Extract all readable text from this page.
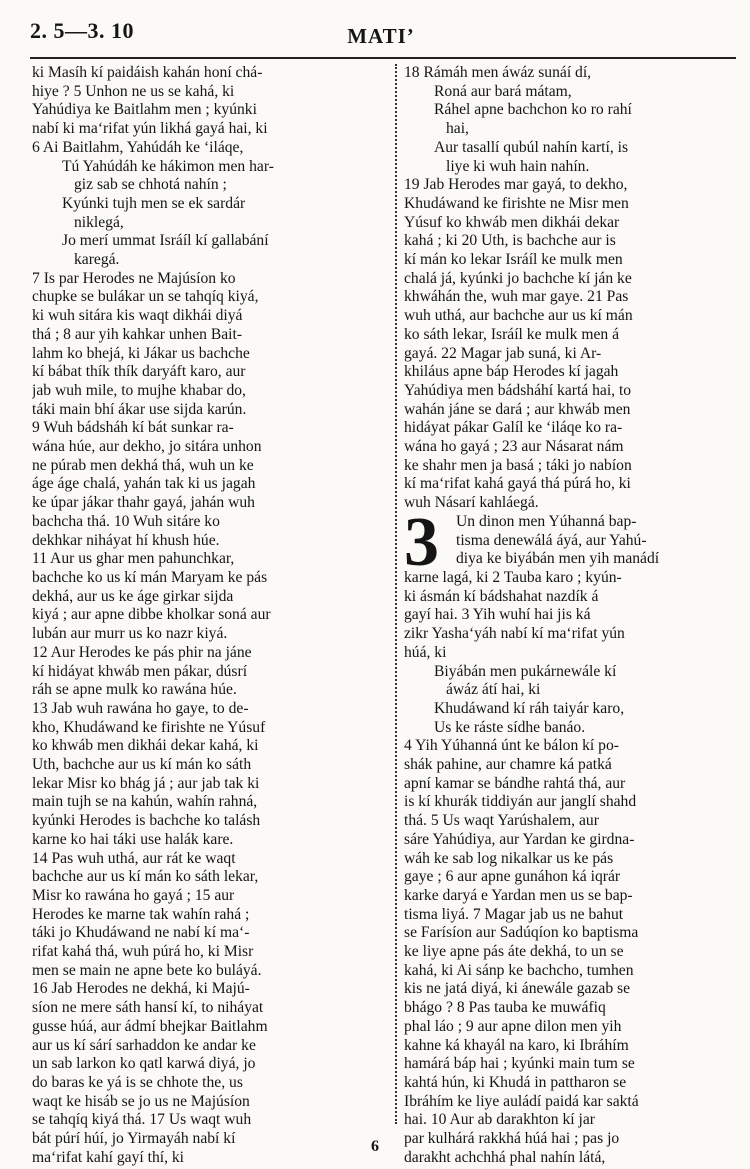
2. 5—3. 10	MATI’
ki Masíh kí paidáish kahán honí chá-
hiye ? 5 Unhon ne us se kahá, ki
Yahúdiya ke Baitlahm men ; kyúnki
nabí ki ma‘rifat yún likhá gayá hai, ki
6 Ai Baitlahm, Yahúdáh ke ‘iláqe,
Tú Yahúdáh ke hákimon men har-
giz sab se chhotá nahín ;
Kyúnki tujh men se ek sardár
niklegá,
Jo merí ummat Isráíl kí gallabání
karegá.
7 Is par Herodes ne Majúsíon ko
chupke se bulákar un se tahqíq kiyá,
ki wuh sitára kis waqt dikhái diyá
thá ; 8 aur yih kahkar unhen Bait-
lahm ko bhejá, ki Jákar us bachche
kí bábat thík thík daryáft karo, aur
jab wuh mile, to mujhe khabar do,
táki main bhí ákar use sijda karún.
9 Wuh bádsháh kí bát sunkar ra-
wána húe, aur dekho, jo sitára unhon
ne púrab men dekhá thá, wuh un ke
áge áge chalá, yahán tak ki us jagah
ke úpar jákar thahr gayá, jahán wuh
bachcha thá. 10 Wuh sitáre ko
dekhkar niháyat hí khush húe.
11 Aur us ghar men pahunchkar,
bachche ko us kí mán Maryam ke pás
dekhá, aur us ke áge girkar sijda
kiyá ; aur apne dibbe kholkar soná aur
lubán aur murr us ko nazr kiyá.
12 Aur Herodes ke pás phir na jáne
kí hidáyat khwáb men pákar, dúsrí
ráh se apne mulk ko rawána húe.
13 Jab wuh rawána ho gaye, to de-
kho, Khudáwand ke firishte ne Yúsuf
ko khwáb men dikhái dekar kahá, ki
Uth, bachche aur us kí mán ko sáth
lekar Misr ko bhág já ; aur jab tak ki
main tujh se na kahún, wahín rahná,
kyúnki Herodes is bachche ko talásh
karne ko hai táki use halák kare.
14 Pas wuh uthá, aur rát ke waqt
bachche aur us kí mán ko sáth lekar,
Misr ko rawána ho gayá ; 15 aur
Herodes ke marne tak wahín rahá ;
táki jo Khudáwand ne nabí kí ma‘-
rifat kahá thá, wuh púrá ho, ki Misr
men se main ne apne bete ko buláyá.
16 Jab Herodes ne dekhá, ki Majú-
síon ne mere sáth hansí kí, to niháyat
gusse húá, aur ádmí bhejkar Baitlahm
aur us kí sárí sarhaddon ke andar ke
un sab larkon ko qatl karwá diyá, jo
do baras ke yá is se chhote the, us
waqt ke hisáb se jo us ne Majúsíon
se tahqíq kiyá thá. 17 Us waqt wuh
bát púrí húí, jo Yirmayáh nabí kí
ma‘rifat kahí gayí thí, ki
18 Rámáh men áwáz sunáí dí,
Roná aur bará mátam,
Ráhel apne bachchon ko ro rahí
hai,
Aur tasallí qubúl nahín kartí, is
liye ki wuh hain nahín.
19 Jab Herodes mar gayá, to dekho,
Khudáwand ke firishte ne Misr men
Yúsuf ko khwáb men dikhái dekar
kahá ; ki 20 Uth, is bachche aur is
kí mán ko lekar Isráíl ke mulk men
chalá já, kyúnki jo bachche kí ján ke
khwáhán the, wuh mar gaye. 21 Pas
wuh uthá, aur bachche aur us kí mán
ko sáth lekar, Isráíl ke mulk men á
gayá. 22 Magar jab suná, ki Ar-
khiláus apne báp Herodes kí jagah
Yahúdiya men bádsháhí kartá hai, to
wahán jáne se dará ; aur khwáb men
hidáyat pákar Galíl ke ‘iláqe ko ra-
wána ho gayá ; 23 aur Násarat nám
ke shahr men ja basá ; táki jo nabíon
kí ma‘rifat kahá gayá thá púrá ho, ki
wuh Násarí kahláegá.
3	Un dinon men Yúhanná bap-
tisma denewálá áyá, aur Yahú-
diya ke biyábán men yih manádí
karne lagá, ki 2 Tauba karo ; kyún-
ki ásmán kí bádshahat nazdík á
gayí hai. 3 Yih wuhí hai jis ká
zikr Yasha‘yáh nabí kí ma‘rifat yún
húá, ki
Biyábán men pukárnewále kí
áwáz átí hai, ki
Khudáwand kí ráh taiyár karo,
Us ke ráste sídhe banáo.
4 Yih Yúhanná únt ke bálon kí po-
shák pahine, aur chamre ká patká
apní kamar se bándhe rahtá thá, aur
is kí khurák tiddiyán aur janglí shahd
thá. 5 Us waqt Yarúshalem, aur
sáre Yahúdiya, aur Yardan ke girdna-
wáh ke sab log nikalkar us ke pás
gaye ; 6 aur apne gunáhon ká iqrár
karke daryá e Yardan men us se bap-
tisma liyá. 7 Magar jab us ne bahut
se Farísíon aur Sadúqíon ko baptisma
ke liye apne pás áte dekhá, to un se
kahá, ki Ai sánp ke bachcho, tumhen
kis ne jatá diyá, ki ánewále gazab se
bhágo ? 8 Pas tauba ke muwáfiq
phal láo ; 9 aur apne dilon men yih
kahne ká khayál na karo, ki Ibráhím
hamárá báp hai ; kyúnki main tum se
kahtá hún, ki Khudá in pattharon se
Ibráhím ke liye auládí paidá kar saktá
hai. 10 Aur ab darakhton kí jar
par kulhárá rakkhá húá hai ; pas jo
darakht achchhá phal nahín látá,
6
